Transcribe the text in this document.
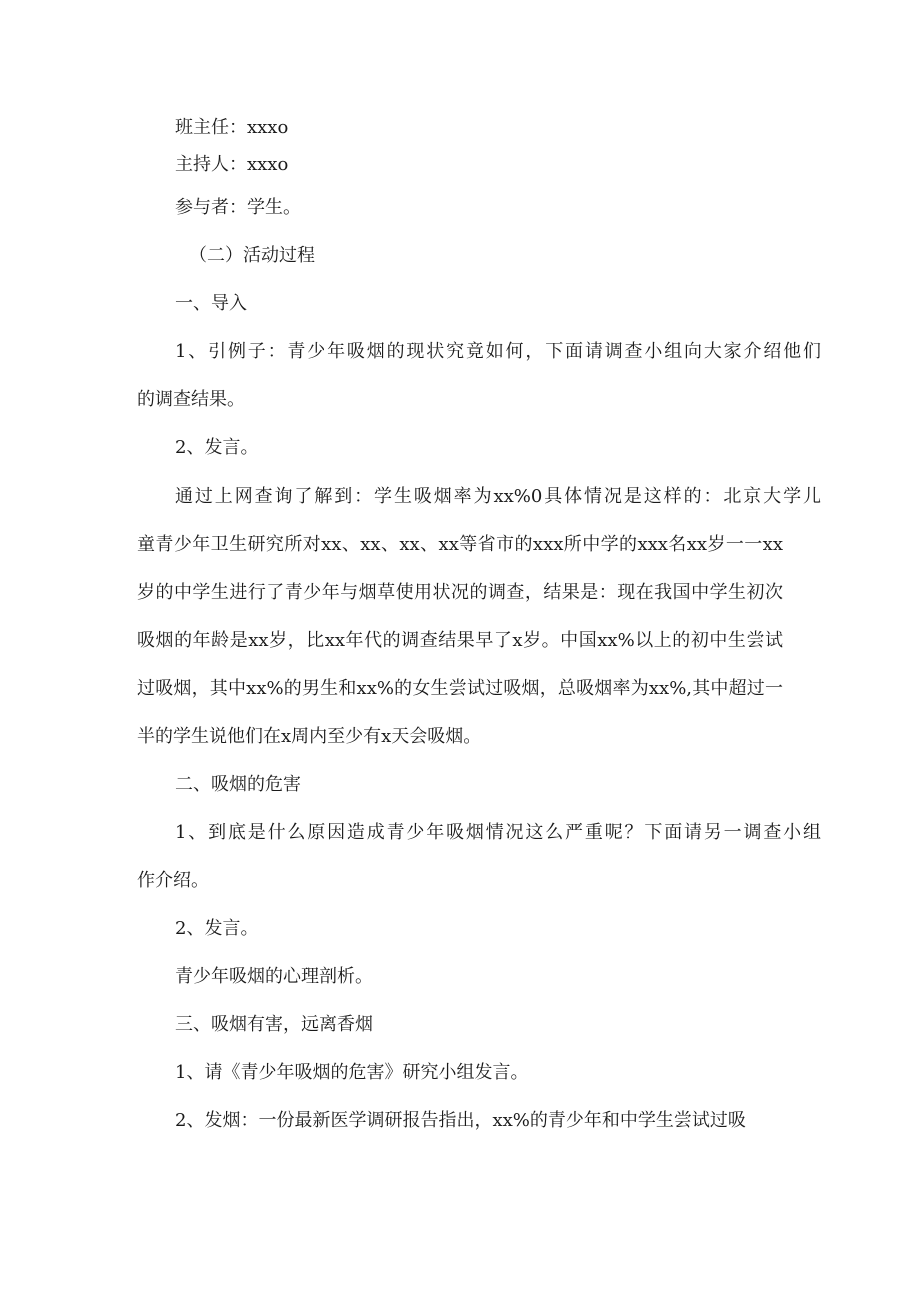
班主任：xxxo

主持人：xxxo

参与者：学生。

（二）活动过程

一、导入

1、引例子：青少年吸烟的现状究竟如何，下面请调查小组向大家介绍他们

的调查结果。

2、发言。

通过上网查询了解到：学生吸烟率为xx%0具体情况是这样的：北京大学儿

童青少年卫生研究所对xx、xx、xx、xx等省市的xxx所中学的xxx名xx岁一一xx

岁的中学生进行了青少年与烟草使用状况的调查，结果是：现在我国中学生初次

吸烟的年龄是xx岁，比xx年代的调查结果早了x岁。中国xx%以上的初中生尝试

过吸烟，其中xx%的男生和xx%的女生尝试过吸烟，总吸烟率为xx%,其中超过一

半的学生说他们在x周内至少有x天会吸烟。

二、吸烟的危害

1、到底是什么原因造成青少年吸烟情况这么严重呢？下面请另一调查小组

作介绍。

2、发言。

青少年吸烟的心理剖析。

三、吸烟有害，远离香烟

1、请《青少年吸烟的危害》研究小组发言。

2、发烟：一份最新医学调研报告指出，xx%的青少年和中学生尝试过吸
